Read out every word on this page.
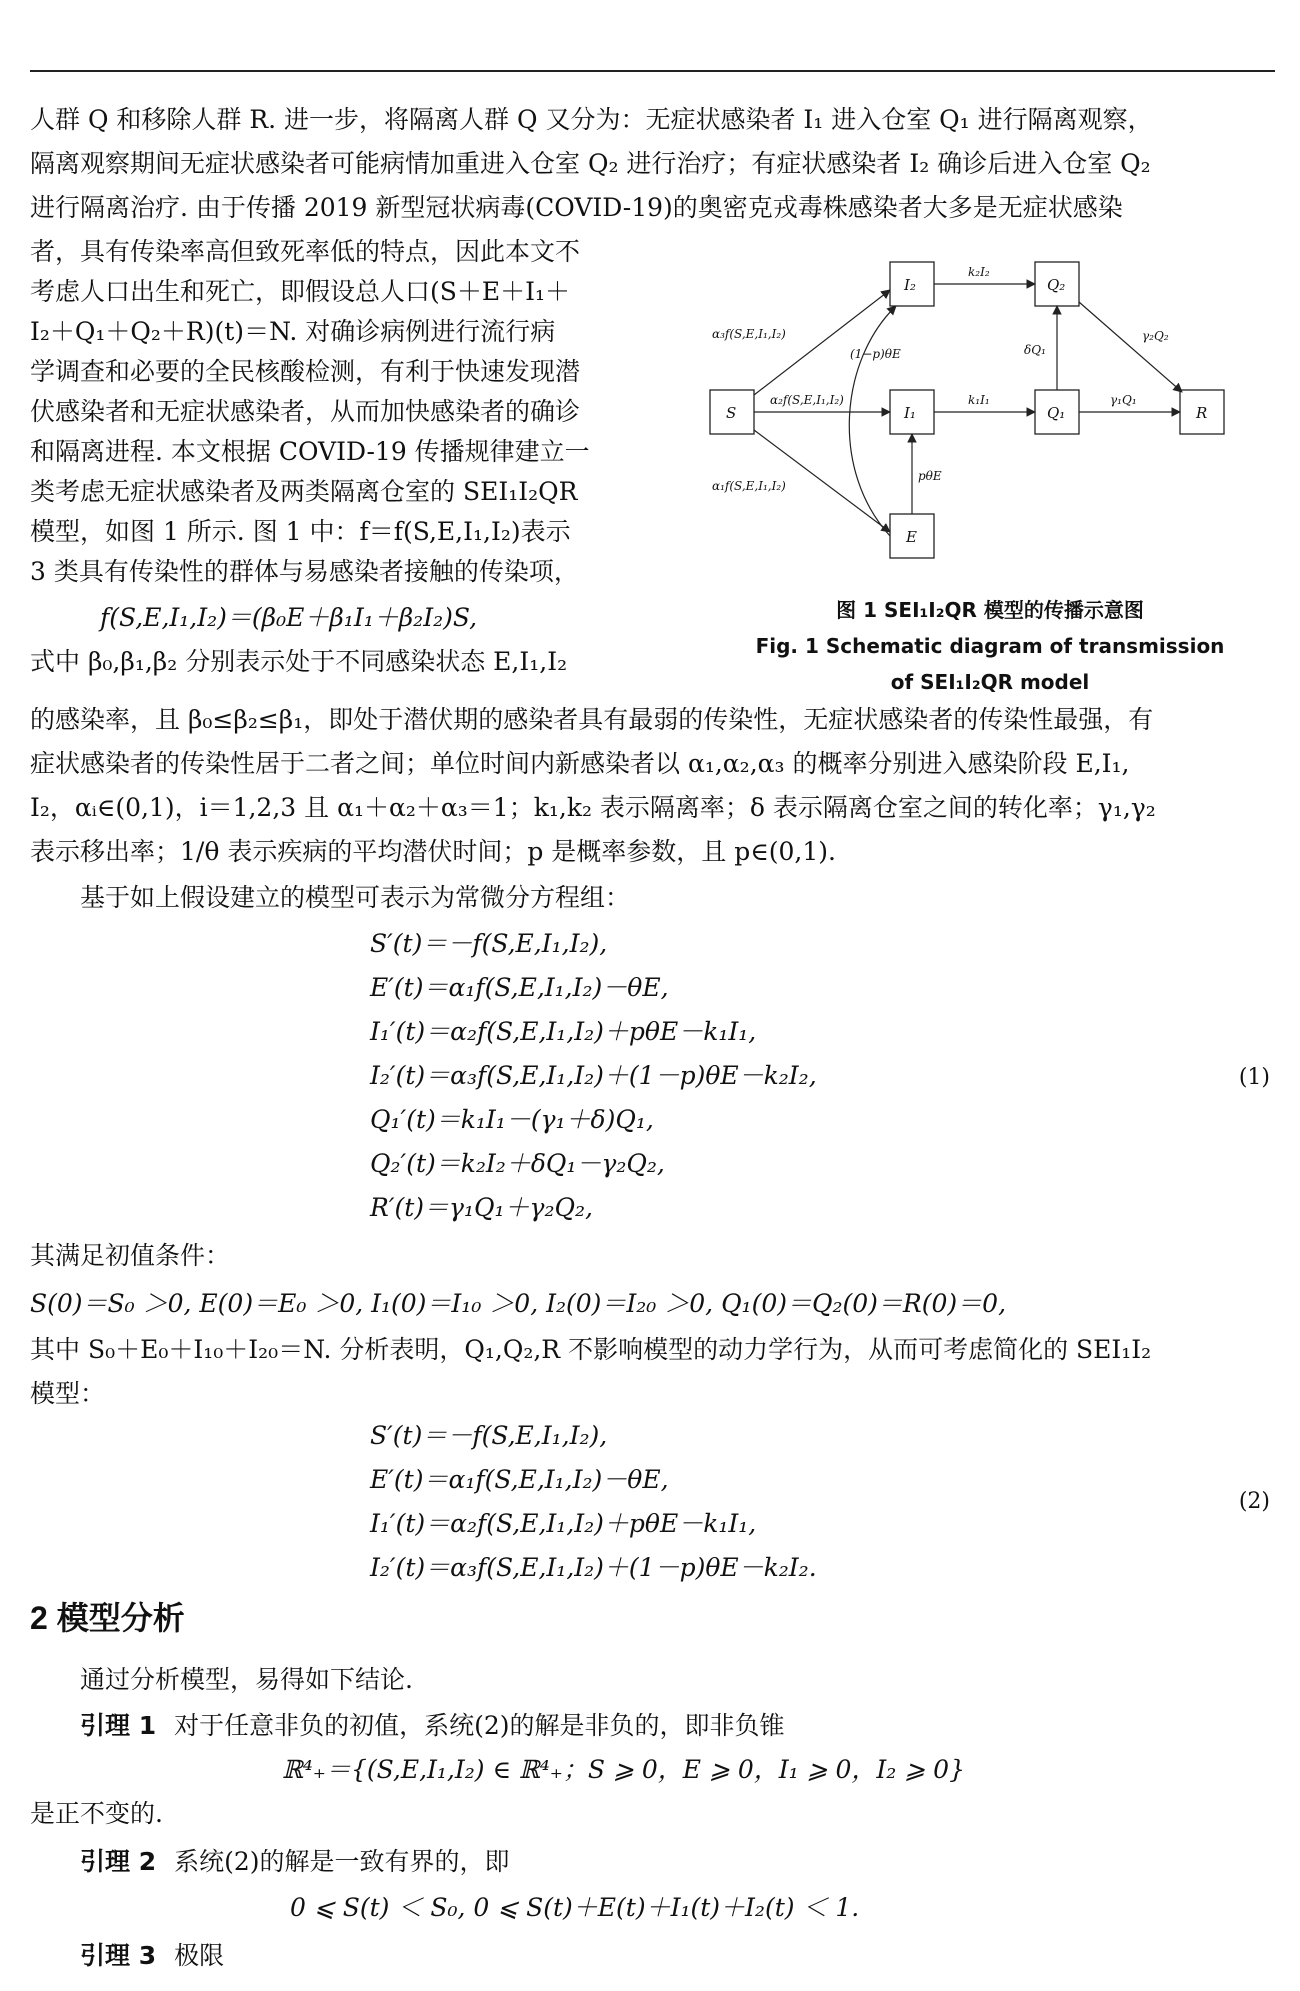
人群 Q 和移除人群 R. 进一步，将隔离人群 Q 又分为：无症状感染者 I₁ 进入仓室 Q₁ 进行隔离观察，

隔离观察期间无症状感染者可能病情加重进入仓室 Q₂ 进行治疗；有症状感染者 I₂ 确诊后进入仓室 Q₂

进行隔离治疗. 由于传播 2019 新型冠状病毒(COVID-19)的奥密克戎毒株感染者大多是无症状感染

者，具有传染率高但致死率低的特点，因此本文不

考虑人口出生和死亡，即假设总人口(S＋E＋I₁＋

I₂＋Q₁＋Q₂＋R)(t)＝N. 对确诊病例进行流行病

学调查和必要的全民核酸检测，有利于快速发现潜

伏感染者和无症状感染者，从而加快感染者的确诊

和隔离进程. 本文根据 COVID-19 传播规律建立一

类考虑无症状感染者及两类隔离仓室的 SEI₁I₂QR

模型，如图 1 所示. 图 1 中：f＝f(S,E,I₁,I₂)表示

3 类具有传染性的群体与易感染者接触的传染项，

f(S,E,I₁,I₂)＝(β₀E＋β₁I₁＋β₂I₂)S,

式中 β₀,β₁,β₂ 分别表示处于不同感染状态 E,I₁,I₂

S
I₂	Q₂
I₁	Q₁	R
E
α₃f(S,E,I₁,I₂)
α₂f(S,E,I₁,I₂)
α₁f(S,E,I₁,I₂)
k₂I₂
k₁I₁	γ₁Q₁
γ₂Q₂
δQ₁
(1−p)θE
pθE
图 1 SEI₁I₂QR 模型的传播示意图
Fig. 1 Schematic diagram of transmission
of SEI₁I₂QR model

的感染率，且 β₀≤β₂≤β₁，即处于潜伏期的感染者具有最弱的传染性，无症状感染者的传染性最强，有

症状感染者的传染性居于二者之间；单位时间内新感染者以 α₁,α₂,α₃ 的概率分别进入感染阶段 E,I₁,

I₂，αᵢ∈(0,1)，i＝1,2,3 且 α₁＋α₂＋α₃＝1；k₁,k₂ 表示隔离率；δ 表示隔离仓室之间的转化率；γ₁,γ₂

表示移出率；1/θ 表示疾病的平均潜伏时间；p 是概率参数，且 p∈(0,1).

基于如上假设建立的模型可表示为常微分方程组：

S′(t)＝－f(S,E,I₁,I₂),
E′(t)＝α₁f(S,E,I₁,I₂)－θE,
I₁′(t)＝α₂f(S,E,I₁,I₂)＋pθE－k₁I₁,
I₂′(t)＝α₃f(S,E,I₁,I₂)＋(1－p)θE－k₂I₂,
Q₁′(t)＝k₁I₁－(γ₁＋δ)Q₁,
Q₂′(t)＝k₂I₂＋δQ₁－γ₂Q₂,
R′(t)＝γ₁Q₁＋γ₂Q₂,
(1)

其满足初值条件：

S(0)＝S₀ ＞0, E(0)＝E₀ ＞0, I₁(0)＝I₁₀ ＞0, I₂(0)＝I₂₀ ＞0, Q₁(0)＝Q₂(0)＝R(0)＝0,

其中 S₀＋E₀＋I₁₀＋I₂₀＝N. 分析表明，Q₁,Q₂,R 不影响模型的动力学行为，从而可考虑简化的 SEI₁I₂

模型：

S′(t)＝－f(S,E,I₁,I₂),
E′(t)＝α₁f(S,E,I₁,I₂)－θE,
I₁′(t)＝α₂f(S,E,I₁,I₂)＋pθE－k₁I₁,
I₂′(t)＝α₃f(S,E,I₁,I₂)＋(1－p)θE－k₂I₂.
(2)
2 模型分析

通过分析模型，易得如下结论.

引理 1 对于任意非负的初值，系统(2)的解是非负的，即非负锥

ℝ⁴₊＝{(S,E,I₁,I₂) ∈ ℝ⁴₊；S ⩾ 0，E ⩾ 0，I₁ ⩾ 0，I₂ ⩾ 0}

是正不变的.

引理 2 系统(2)的解是一致有界的，即

0 ⩽ S(t) ＜ S₀, 0 ⩽ S(t)＋E(t)＋I₁(t)＋I₂(t) ＜ 1.

引理 3 极限
